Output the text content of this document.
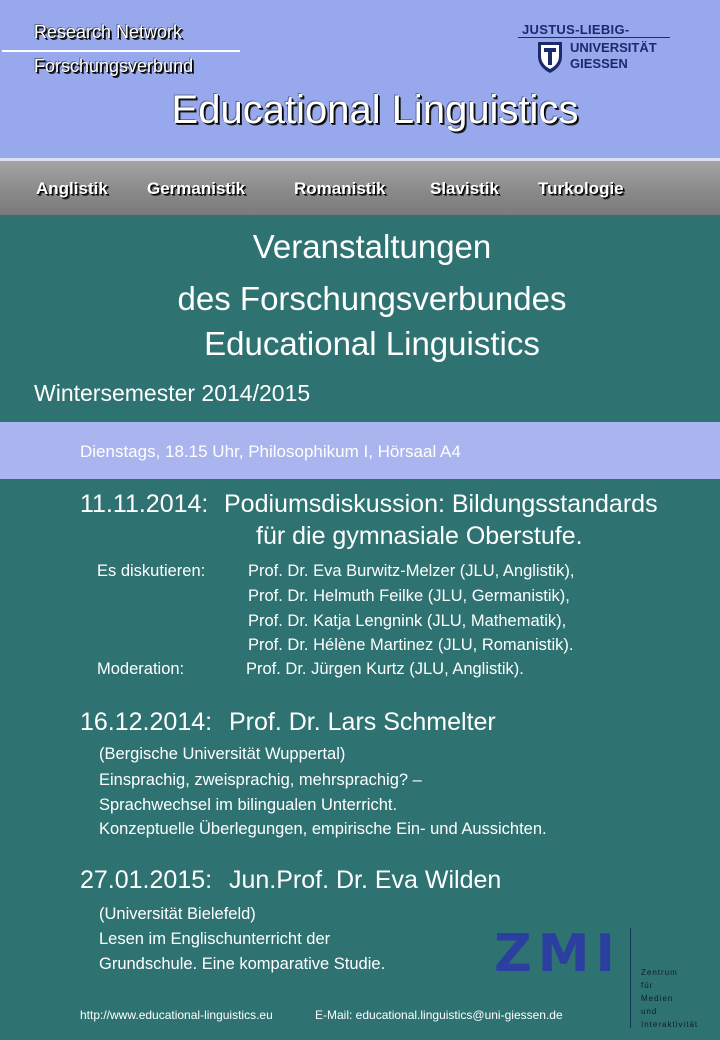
Research Network
Forschungsverbund
Educational Linguistics
JUSTUS-LIEBIG-
UNIVERSITÄT
GIESSEN
Anglistik Germanistik	Romanistik	Slavistik Turkologie
Veranstaltungen
des Forschungsverbundes
Educational Linguistics
Wintersemester 2014/2015
Dienstags, 18.15 Uhr, Philosophikum I, Hörsaal A4
11.11.2014: Podiumsdiskussion: Bildungsstandards
für die gymnasiale Oberstufe.
Es diskutieren:	Prof. Dr. Eva Burwitz-Melzer (JLU, Anglistik),
Prof. Dr. Helmuth Feilke (JLU, Germanistik),
Prof. Dr. Katja Lengnink (JLU, Mathematik),
Prof. Dr. Hélène Martinez (JLU, Romanistik).
Moderation:	Prof. Dr. Jürgen Kurtz (JLU, Anglistik).
16.12.2014: Prof. Dr. Lars Schmelter
(Bergische Universität Wuppertal)
Einsprachig, zweisprachig, mehrsprachig? –
Sprachwechsel im bilingualen Unterricht.
Konzeptuelle Überlegungen, empirische Ein- und Aussichten.
27.01.2015: Jun.Prof. Dr. Eva Wilden
(Universität Bielefeld)
Lesen im Englischunterricht der
Grundschule. Eine komparative Studie. ZMI	Zentrum
für
Medien
und
Interaktivität
http://www.educational-linguistics.eu	E-Mail: educational.linguistics@uni-giessen.de
